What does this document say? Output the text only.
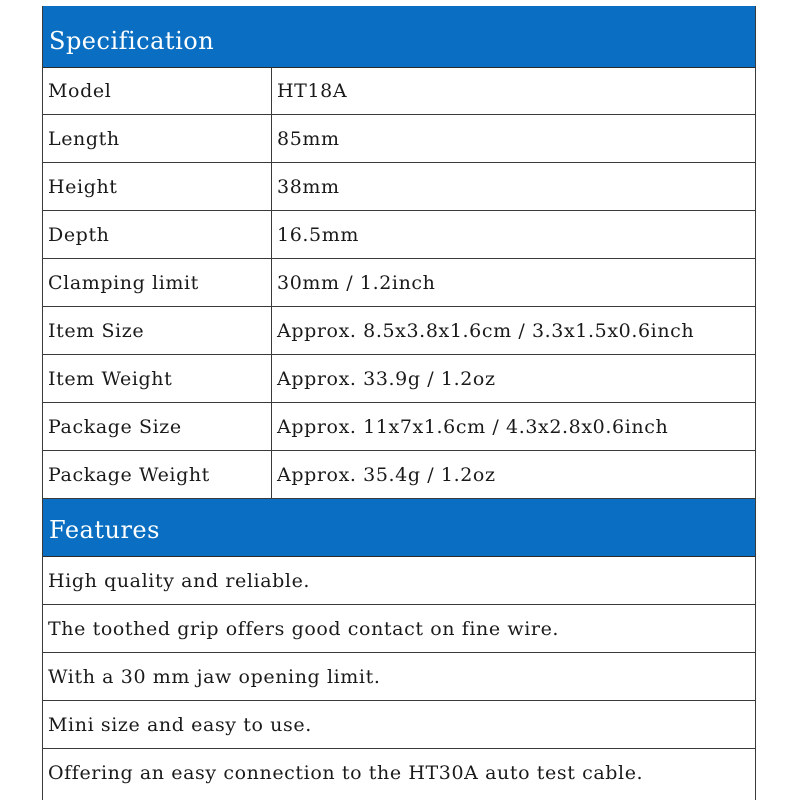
Specification
Model	HT18A
Length	85mm
Height	38mm
Depth	16.5mm
Clamping limit	30mm / 1.2inch
Item Size	Approx. 8.5x3.8x1.6cm / 3.3x1.5x0.6inch
Item Weight	Approx. 33.9g / 1.2oz
Package Size	Approx. 11x7x1.6cm / 4.3x2.8x0.6inch
Package Weight	Approx. 35.4g / 1.2oz
Features
High quality and reliable.
The toothed grip offers good contact on fine wire.
With a 30 mm jaw opening limit.
Mini size and easy to use.
Offering an easy connection to the HT30A auto test cable.
